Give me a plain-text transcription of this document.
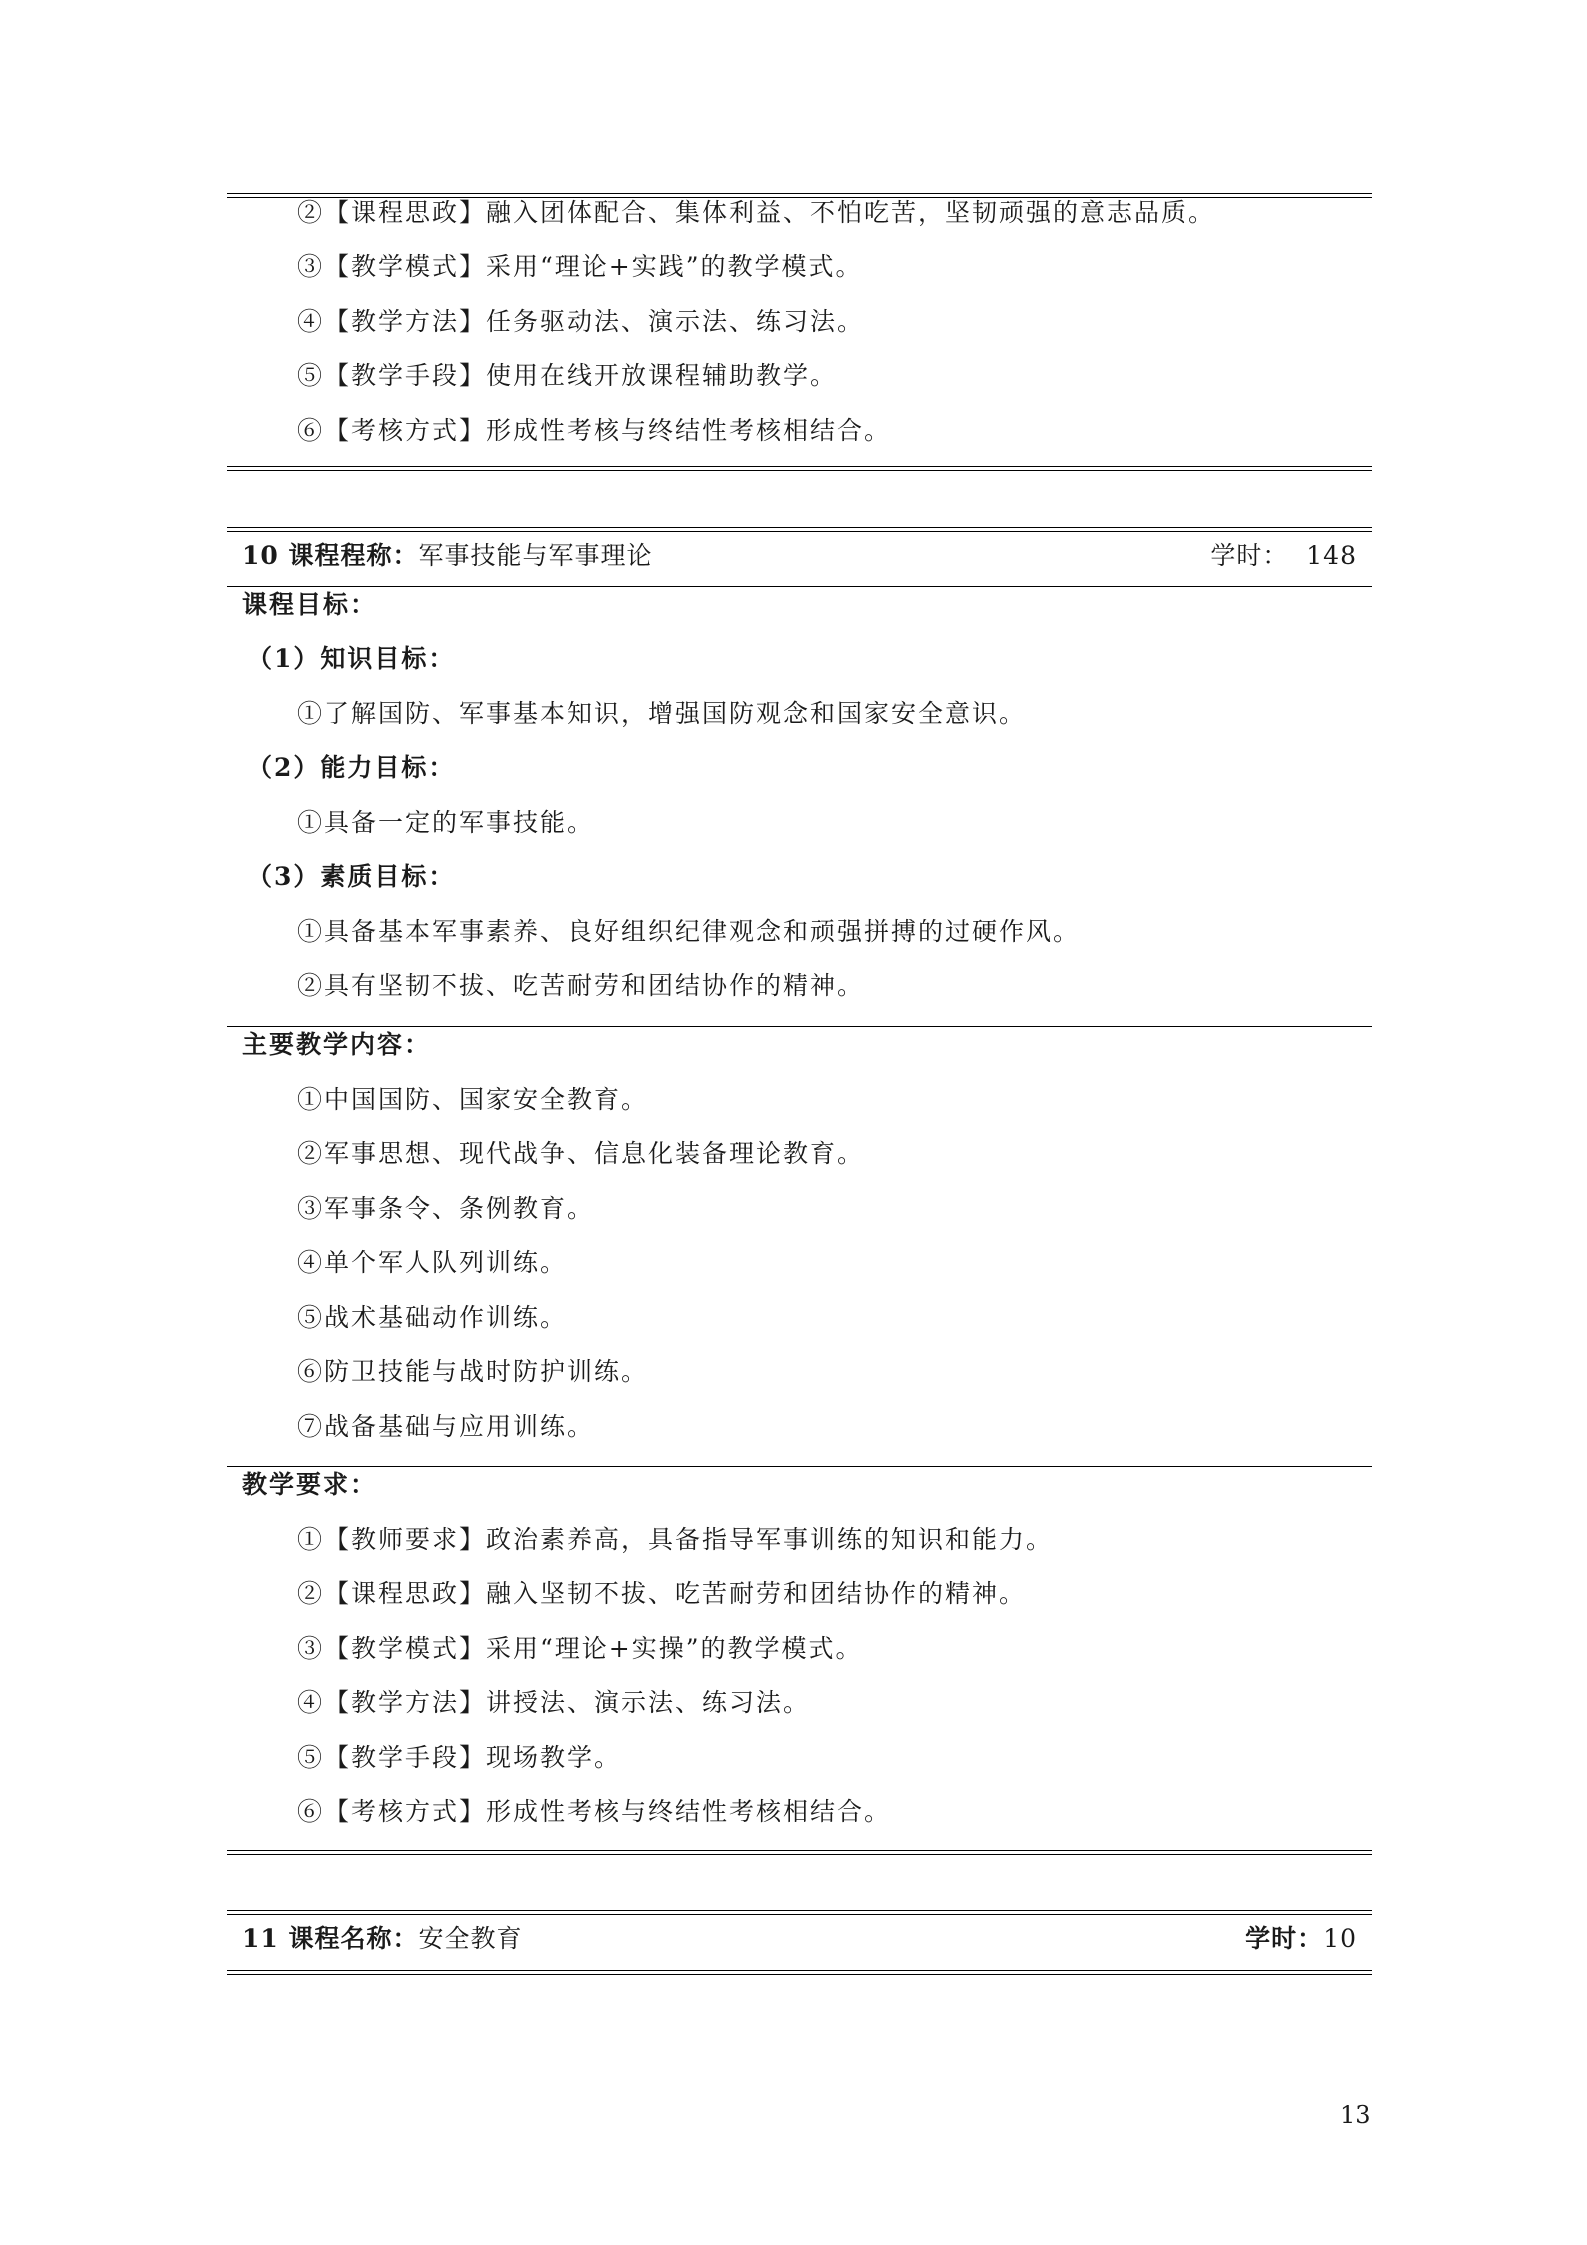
②【课程思政】融入团体配合、集体利益、不怕吃苦，坚韧顽强的意志品质。
③【教学模式】采用“理论+实践”的教学模式。
④【教学方法】任务驱动法、演示法、练习法。
⑤【教学手段】使用在线开放课程辅助教学。
⑥【考核方式】形成性考核与终结性考核相结合。
10 课程程称：军事技能与军事理论	学时： 148
课程目标：
（1）知识目标：
①了解国防、军事基本知识，增强国防观念和国家安全意识。
（2）能力目标：
①具备一定的军事技能。
（3）素质目标：
①具备基本军事素养、良好组织纪律观念和顽强拼搏的过硬作风。
②具有坚韧不拔、吃苦耐劳和团结协作的精神。
主要教学内容：
①中国国防、国家安全教育。
②军事思想、现代战争、信息化装备理论教育。
③军事条令、条例教育。
④单个军人队列训练。
⑤战术基础动作训练。
⑥防卫技能与战时防护训练。
⑦战备基础与应用训练。
教学要求：
①【教师要求】政治素养高，具备指导军事训练的知识和能力。
②【课程思政】融入坚韧不拔、吃苦耐劳和团结协作的精神。
③【教学模式】采用“理论+实操”的教学模式。
④【教学方法】讲授法、演示法、练习法。
⑤【教学手段】现场教学。
⑥【考核方式】形成性考核与终结性考核相结合。
11 课程名称：安全教育	学时：10
13
